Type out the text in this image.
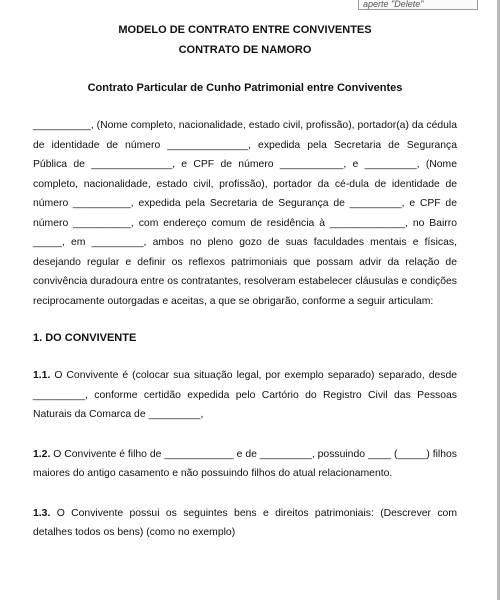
aperte "Delete"

MODELO DE CONTRATO ENTRE CONVIVENTES

CONTRATO DE NAMORO

Contrato Particular de Cunho Patrimonial entre Conviventes

__________, (Nome completo, nacionalidade, estado civil, profissão), portador(a) da cédula de identidade de número ______________, expedida pela Secretaria de Segurança Pública de ______________, e CPF de número ___________, e _________, (Nome completo, nacionalidade, estado civil, profissão), portador da cé-dula de identidade de número __________, expedida pela Secretaria de Segurança de _________, e CPF de número __________, com endereço comum de residência à _____________, no Bairro _____, em _________, ambos no pleno gozo de suas faculdades mentais e físicas, desejando regular e definir os reflexos patrimoniais que possam advir da relação de convivência duradoura entre os contratantes, resolveram estabelecer cláusulas e condições reciprocamente outorgadas e aceitas, a que se obrigarão, conforme a seguir articulam:

1. DO CONVIVENTE

1.1. O Convivente é (colocar sua situação legal, por exemplo separado) separado, desde _________, conforme certidão expedida pelo Cartório do Registro Civil das Pessoas Naturais da Comarca de _________,

1.2. O Convivente é filho de ____________ e de _________, possuindo ____ (_____) filhos maiores do antigo casamento e não possuindo filhos do atual relacionamento.

1.3. O Convivente possui os seguintes bens e direitos patrimoniais: (Descrever com detalhes todos os bens) (como no exemplo)
